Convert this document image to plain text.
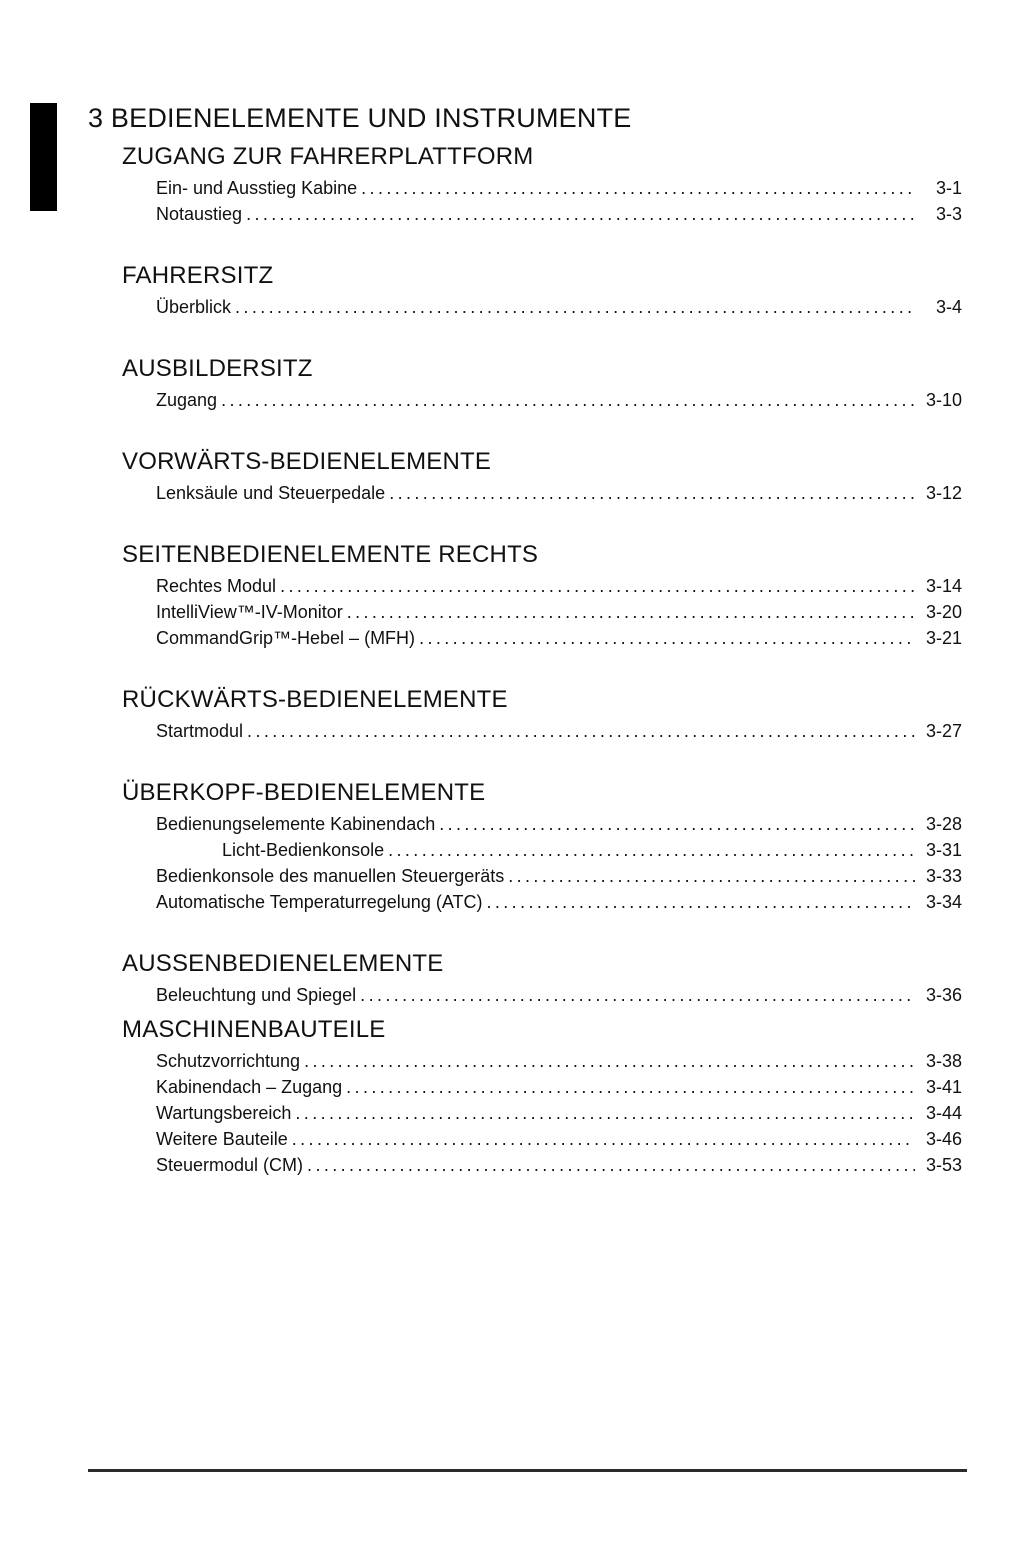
3 BEDIENELEMENTE UND INSTRUMENTE
ZUGANG ZUR FAHRERPLATTFORM
Ein- und Ausstieg Kabine .....	3-1
Notaustieg .....	3-3
FAHRERSITZ
Überblick .....	3-4
AUSBILDERSITZ
Zugang .....	3-10
VORWÄRTS-BEDIENELEMENTE
Lenksäule und Steuerpedale .....	3-12
SEITENBEDIENELEMENTE RECHTS
Rechtes Modul .....	3-14
IntelliView™-IV-Monitor .....	3-20
CommandGrip™-Hebel – (MFH) .....	3-21
RÜCKWÄRTS-BEDIENELEMENTE
Startmodul .....	3-27
ÜBERKOPF-BEDIENELEMENTE
Bedienungselemente Kabinendach .....	3-28
Licht-Bedienkonsole .....	3-31
Bedienkonsole des manuellen Steuergeräts .....	3-33
Automatische Temperaturregelung (ATC) .....	3-34
AUSSENBEDIENELEMENTE
Beleuchtung und Spiegel .....	3-36
MASCHINENBAUTEILE
Schutzvorrichtung .....	3-38
Kabinendach – Zugang .....	3-41
Wartungsbereich .....	3-44
Weitere Bauteile .....	3-46
Steuermodul (CM) .....	3-53
